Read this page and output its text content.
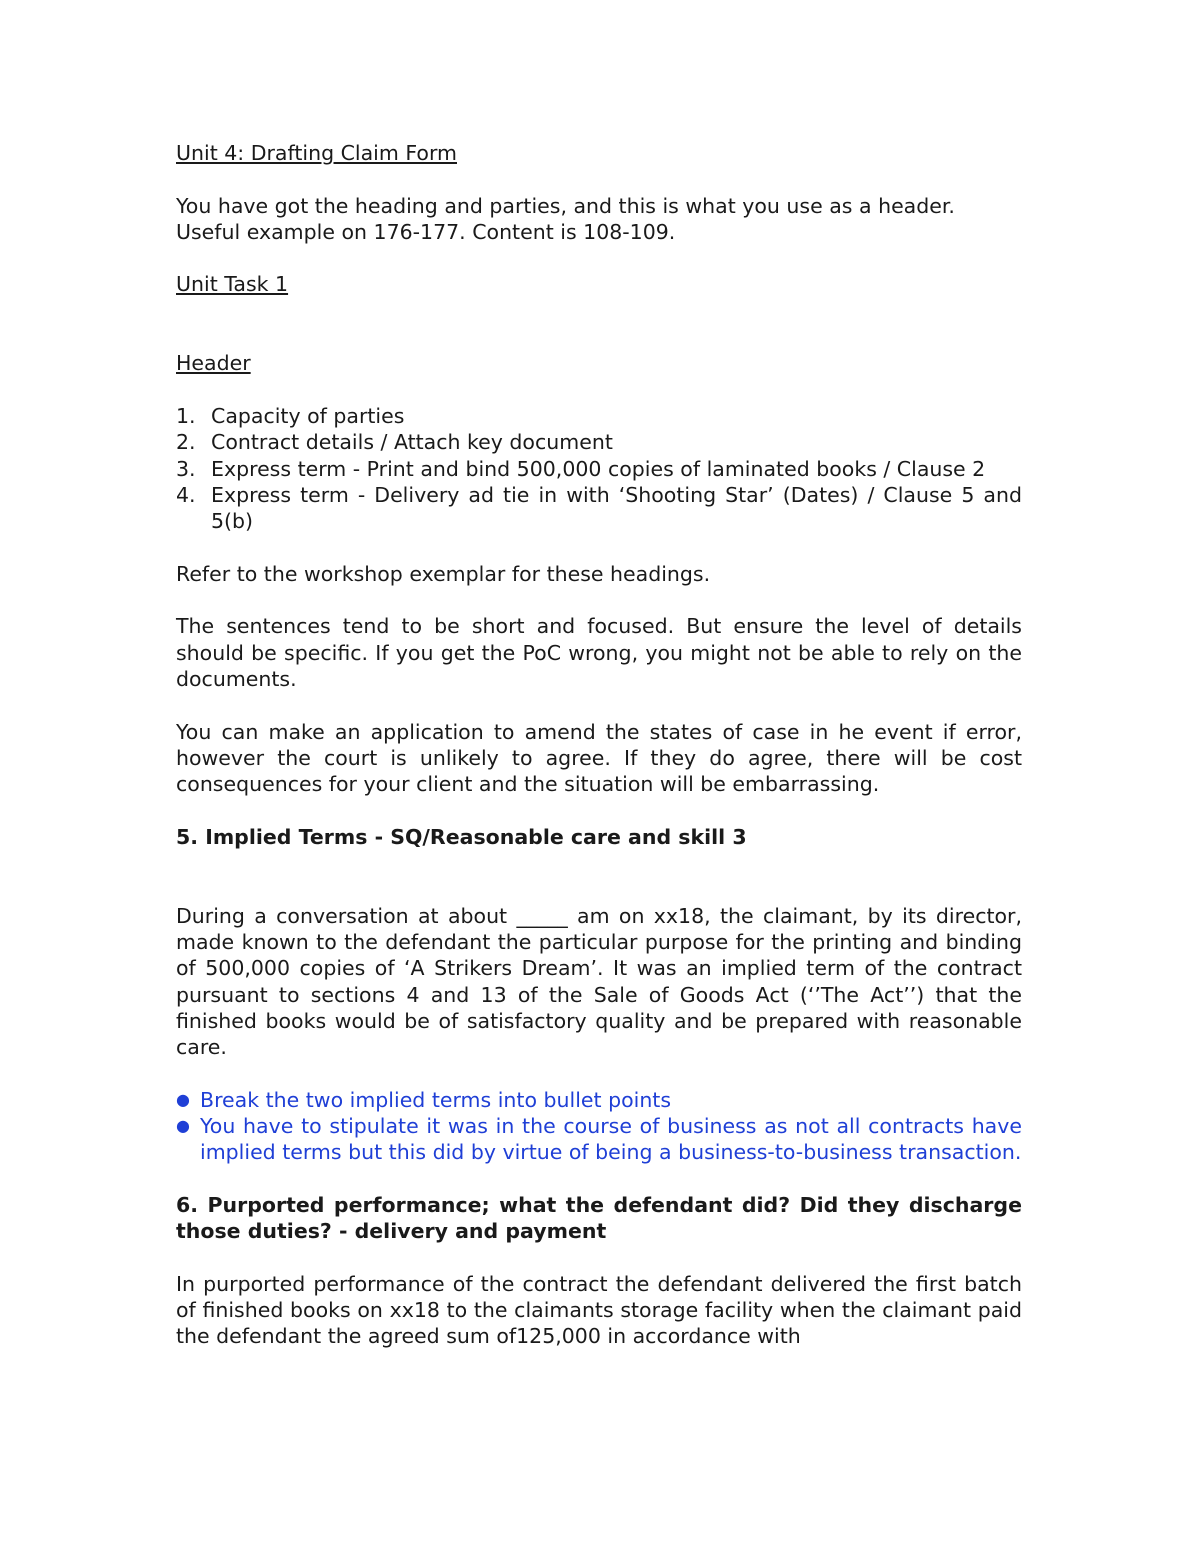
Unit 4: Drafting Claim Form

You have got the heading and parties, and this is what you use as a header.

Useful example on 176-177. Content is 108-109.

Unit Task 1

Header

1. Capacity of parties
2. Contract details / Attach key document
3. Express term - Print and bind 500,000 copies of laminated books / Clause 2
4. Express term - Delivery ad tie in with ‘Shooting Star’ (Dates) / Clause 5 and 5(b)

Refer to the workshop exemplar for these headings.

The sentences tend to be short and focused. But ensure the level of details should be specific. If you get the PoC wrong, you might not be able to rely on the documents.

You can make an application to amend the states of case in he event if error, however the court is unlikely to agree. If they do agree, there will be cost consequences for your client and the situation will be embarrassing.

5. Implied Terms - SQ/Reasonable care and skill 3

During a conversation at about _____ am on xx18, the claimant, by its director, made known to the defendant the particular purpose for the printing and binding of 500,000 copies of ‘A Strikers Dream’. It was an implied term of the contract pursuant to sections 4 and 13 of the Sale of Goods Act (‘’The Act’’) that the finished books would be of satisfactory quality and be prepared with reasonable care.

● Break the two implied terms into bullet points
● You have to stipulate it was in the course of business as not all contracts have implied terms but this did by virtue of being a business-to-business transaction.

6. Purported performance; what the defendant did? Did they discharge those duties? - delivery and payment

In purported performance of the contract the defendant delivered the first batch of finished books on xx18 to the claimants storage facility when the claimant paid the defendant the agreed sum of125,000 in accordance with
